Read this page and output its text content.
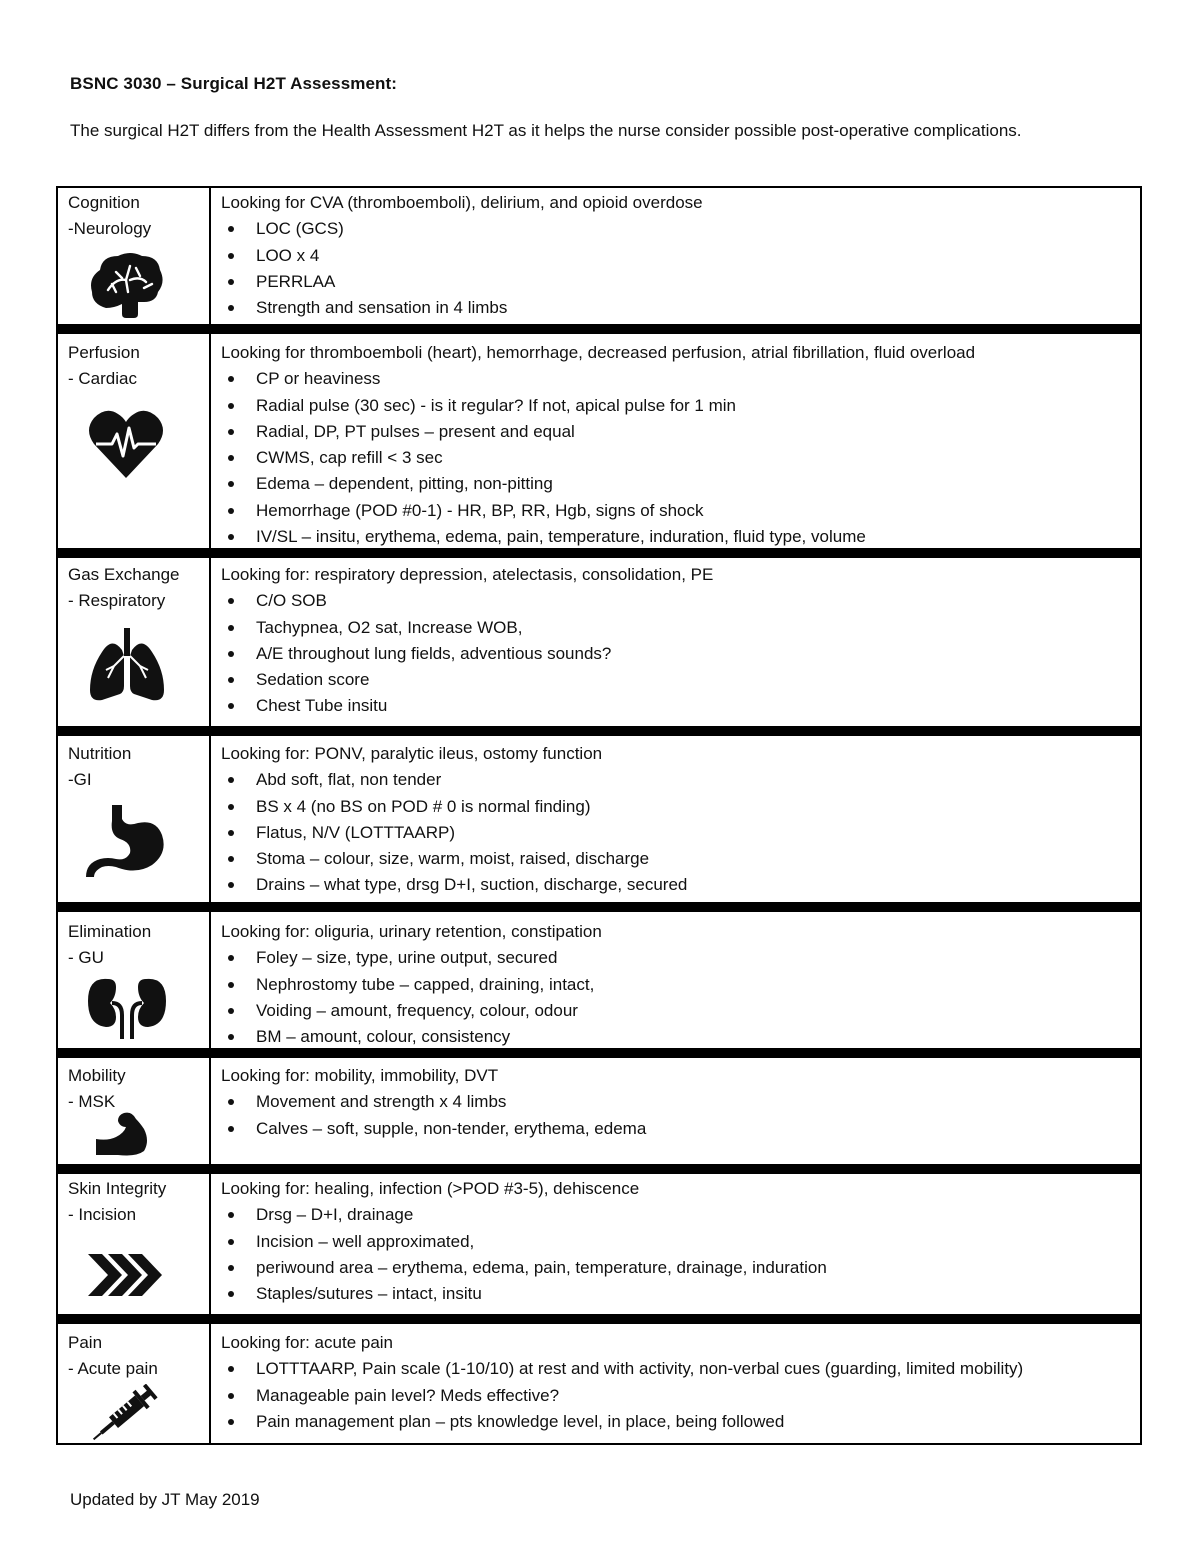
BSNC 3030 – Surgical H2T Assessment:
The surgical H2T differs from the Health Assessment H2T as it helps the nurse consider possible post-operative complications.
Cognition
-Neurology
Looking for CVA (thromboemboli), delirium, and opioid overdose
LOC (GCS)
LOO x 4
PERRLAA
Strength and sensation in 4 limbs
Perfusion
- Cardiac
Looking for thromboemboli (heart), hemorrhage, decreased perfusion, atrial fibrillation, fluid overload
CP or heaviness
Radial pulse (30 sec) - is it regular? If not, apical pulse for 1 min
Radial, DP, PT pulses – present and equal
CWMS, cap refill < 3 sec
Edema – dependent, pitting, non-pitting
Hemorrhage (POD #0-1) - HR, BP, RR, Hgb, signs of shock
IV/SL – insitu, erythema, edema, pain, temperature, induration, fluid type, volume
Gas Exchange
- Respiratory
Looking for: respiratory depression, atelectasis, consolidation, PE
C/O SOB
Tachypnea, O2 sat, Increase WOB,
A/E throughout lung fields, adventious sounds?
Sedation score
Chest Tube insitu
Nutrition
-GI
Looking for: PONV, paralytic ileus, ostomy function
Abd soft, flat, non tender
BS x 4 (no BS on POD # 0 is normal finding)
Flatus, N/V (LOTTTAARP)
Stoma – colour, size, warm, moist, raised, discharge
Drains – what type, drsg D+I, suction, discharge, secured
Elimination
- GU
Looking for: oliguria, urinary retention, constipation
Foley – size, type, urine output, secured
Nephrostomy tube – capped, draining, intact,
Voiding – amount, frequency, colour, odour
BM – amount, colour, consistency
Mobility
- MSK
Looking for: mobility, immobility, DVT
Movement and strength x 4 limbs
Calves – soft, supple, non-tender, erythema, edema
Skin Integrity
- Incision
Looking for: healing, infection (>POD #3-5), dehiscence
Drsg – D+I, drainage
Incision – well approximated,
periwound area – erythema, edema, pain, temperature, drainage, induration
Staples/sutures – intact, insitu
Pain
- Acute pain
Looking for: acute pain
LOTTTAARP, Pain scale (1-10/10) at rest and with activity, non-verbal cues (guarding, limited mobility)
Manageable pain level? Meds effective?
Pain management plan – pts knowledge level, in place, being followed
Updated by JT May 2019
